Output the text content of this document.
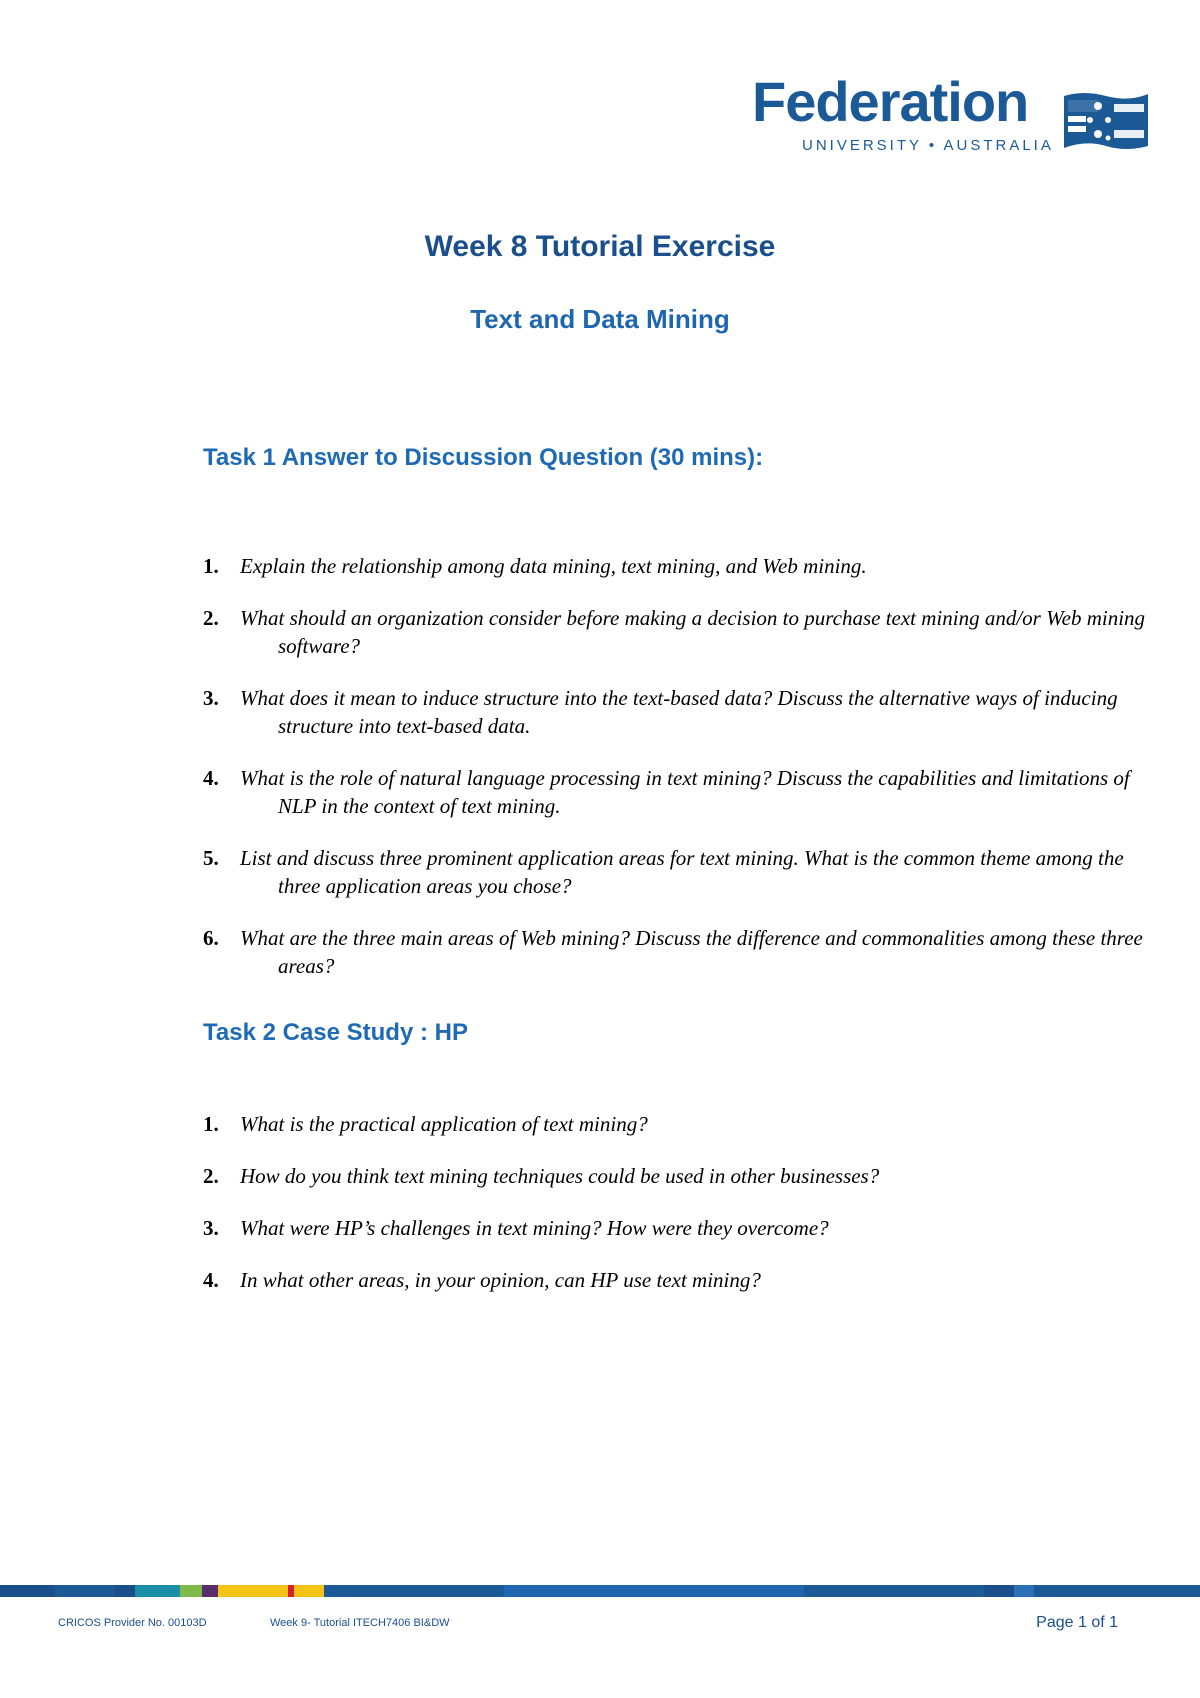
Federation
UNIVERSITY • AUSTRALIA
Week 8 Tutorial Exercise
Text and Data Mining
Task 1 Answer to Discussion Question (30 mins):
1. Explain the relationship among data mining, text mining, and Web mining.
2. What should an organization consider before making a decision to purchase text mining and/or Web mining software?
3. What does it mean to induce structure into the text-based data? Discuss the alternative ways of inducing structure into text-based data.
4. What is the role of natural language processing in text mining? Discuss the capabilities and limitations of NLP in the context of text mining.
5. List and discuss three prominent application areas for text mining. What is the common theme among the three application areas you chose?
6. What are the three main areas of Web mining? Discuss the difference and commonalities among these three areas?
Task 2 Case Study : HP
1. What is the practical application of text mining?
2. How do you think text mining techniques could be used in other businesses?
3. What were HP’s challenges in text mining? How were they overcome?
4. In what other areas, in your opinion, can HP use text mining?
CRICOS Provider No. 00103D	Week 9- Tutorial ITECH7406 BI&DW	Page 1 of 1
